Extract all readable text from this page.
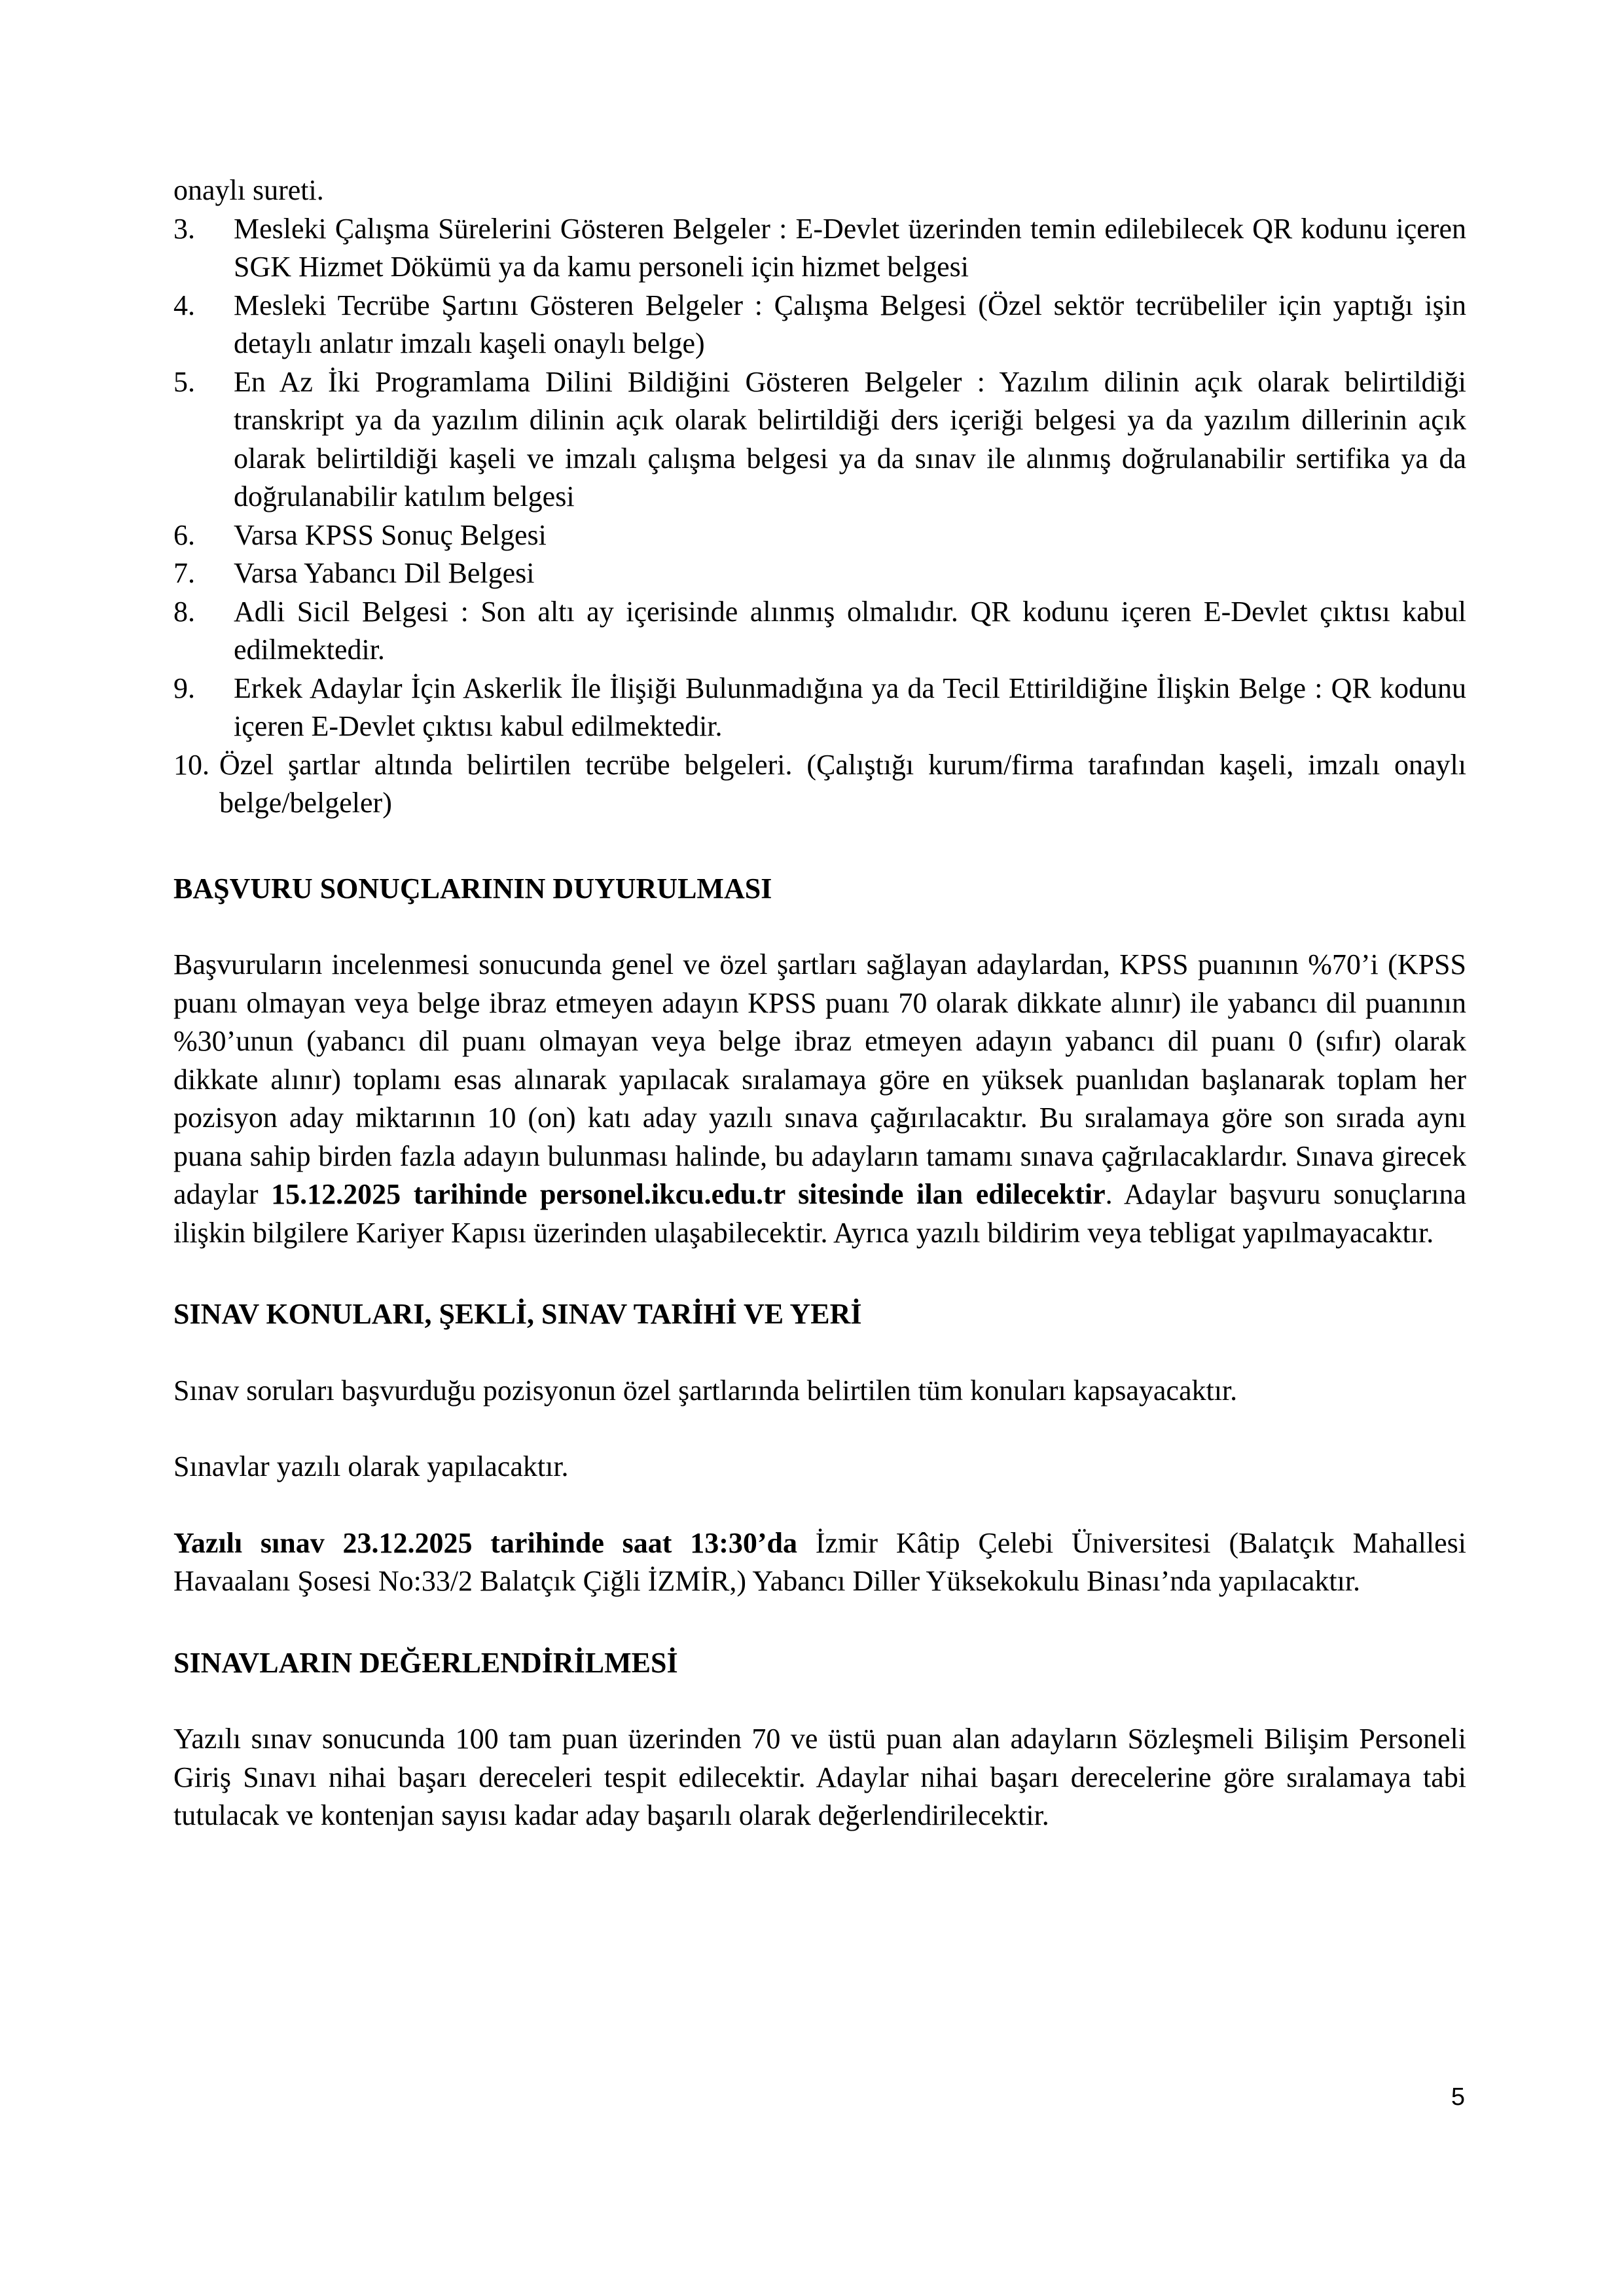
onaylı sureti.

3.	Mesleki Çalışma Sürelerini Gösteren Belgeler : E-Devlet üzerinden temin edilebilecek QR kodunu içeren SGK Hizmet Dökümü ya da kamu personeli için hizmet belgesi
4.	Mesleki Tecrübe Şartını Gösteren Belgeler : Çalışma Belgesi (Özel sektör tecrübeliler için yaptığı işin detaylı anlatır imzalı kaşeli onaylı belge)
5.	En Az İki Programlama Dilini Bildiğini Gösteren Belgeler : Yazılım dilinin açık olarak belirtildiği transkript ya da yazılım dilinin açık olarak belirtildiği ders içeriği belgesi ya da yazılım dillerinin açık olarak belirtildiği kaşeli ve imzalı çalışma belgesi ya da sınav ile alınmış doğrulanabilir sertifika ya da doğrulanabilir katılım belgesi
6.	Varsa KPSS Sonuç Belgesi
7.	Varsa Yabancı Dil Belgesi
8.	Adli Sicil Belgesi : Son altı ay içerisinde alınmış olmalıdır. QR kodunu içeren E-Devlet çıktısı kabul edilmektedir.
9.	Erkek Adaylar İçin Askerlik İle İlişiği Bulunmadığına ya da Tecil Ettirildiğine İlişkin Belge : QR kodunu içeren E-Devlet çıktısı kabul edilmektedir.
10. Özel şartlar altında belirtilen tecrübe belgeleri. (Çalıştığı kurum/firma tarafından kaşeli, imzalı onaylı belge/belgeler)
BAŞVURU SONUÇLARININ DUYURULMASI

Başvuruların incelenmesi sonucunda genel ve özel şartları sağlayan adaylardan, KPSS puanının %70’i (KPSS puanı olmayan veya belge ibraz etmeyen adayın KPSS puanı 70 olarak dikkate alınır) ile yabancı dil puanının %30’unun (yabancı dil puanı olmayan veya belge ibraz etmeyen adayın yabancı dil puanı 0 (sıfır) olarak dikkate alınır) toplamı esas alınarak yapılacak sıralamaya göre en yüksek puanlıdan başlanarak toplam her pozisyon aday miktarının 10 (on) katı aday yazılı sınava çağırılacaktır. Bu sıralamaya göre son sırada aynı puana sahip birden fazla adayın bulunması halinde, bu adayların tamamı sınava çağrılacaklardır. Sınava girecek adaylar 15.12.2025 tarihinde personel.ikcu.edu.tr sitesinde ilan edilecektir. Adaylar başvuru sonuçlarına ilişkin bilgilere Kariyer Kapısı üzerinden ulaşabilecektir. Ayrıca yazılı bildirim veya tebligat yapılmayacaktır.

SINAV KONULARI, ŞEKLİ, SINAV TARİHİ VE YERİ

Sınav soruları başvurduğu pozisyonun özel şartlarında belirtilen tüm konuları kapsayacaktır.

Sınavlar yazılı olarak yapılacaktır.

Yazılı sınav 23.12.2025 tarihinde saat 13:30’da İzmir Kâtip Çelebi Üniversitesi (Balatçık Mahallesi Havaalanı Şosesi No:33/2 Balatçık Çiğli İZMİR,) Yabancı Diller Yüksekokulu Binası’nda yapılacaktır.

SINAVLARIN DEĞERLENDİRİLMESİ

Yazılı sınav sonucunda 100 tam puan üzerinden 70 ve üstü puan alan adayların Sözleşmeli Bilişim Personeli Giriş Sınavı nihai başarı dereceleri tespit edilecektir. Adaylar nihai başarı derecelerine göre sıralamaya tabi tutulacak ve kontenjan sayısı kadar aday başarılı olarak değerlendirilecektir.

5
